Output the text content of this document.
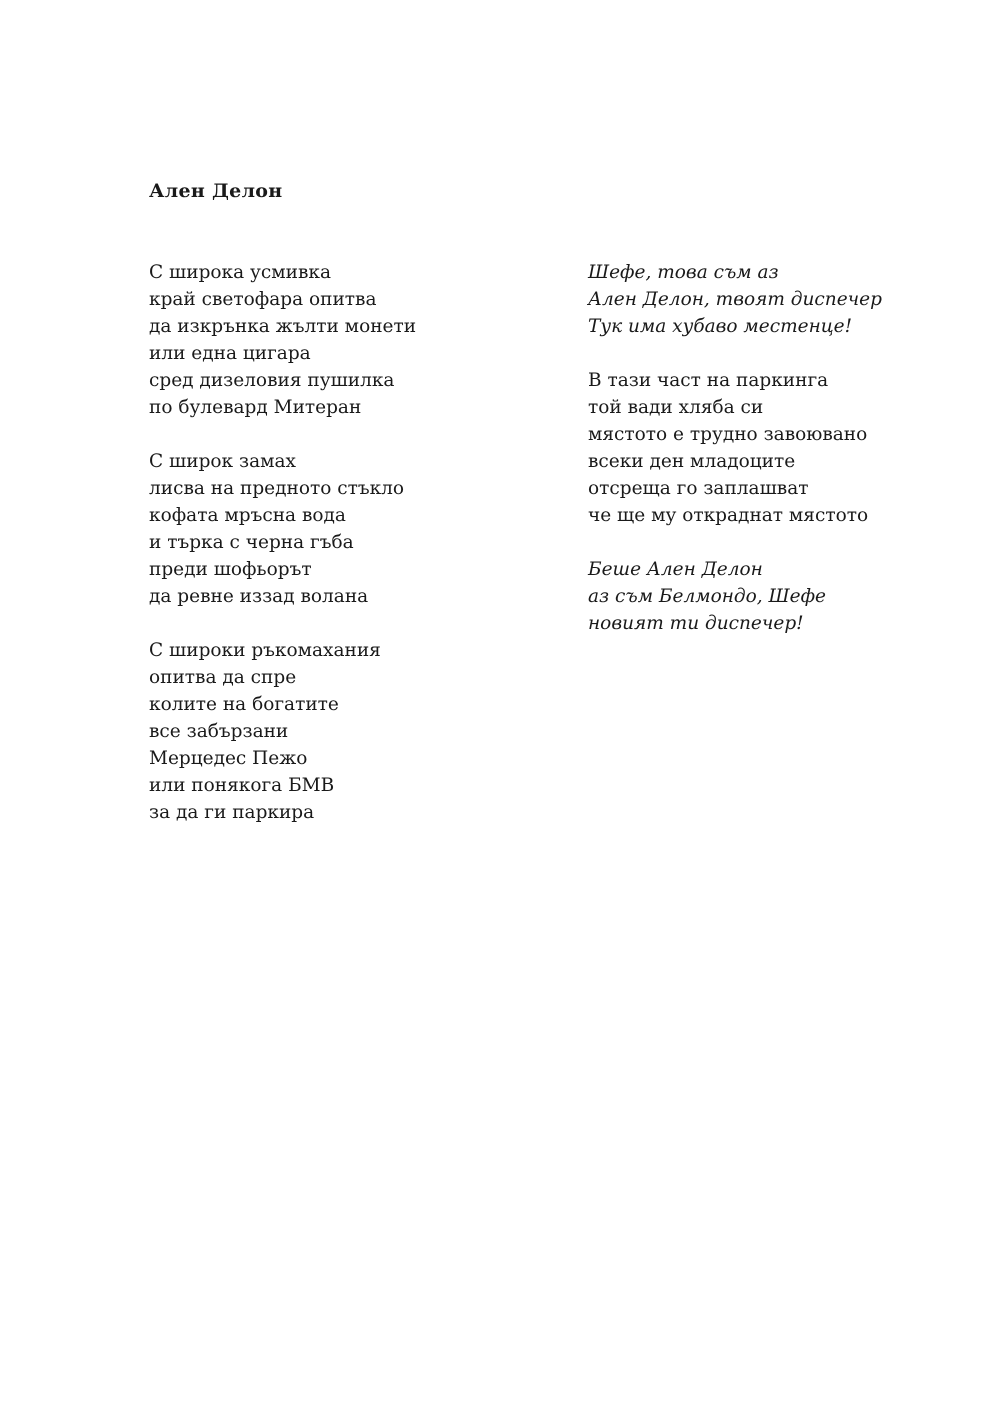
Ален Делон
С широка усмивка
край светофара опитва
да изкрънка жълти монети
или една цигара
сред дизеловия пушилка
по булевард Митеран
С широк замах
лисва на предното стъкло
кофата мръсна вода
и търка с черна гъба
преди шофьорът
да ревне иззад волана
С широки ръкомахания
опитва да спре
колите на богатите
все забързани
Мерцедес Пежо
или понякога БМВ
за да ги паркира
Шефе, това съм аз
Ален Делон, твоят диспечер
Тук има хубаво местенце!
В тази част на паркинга
той вади хляба си
мястото е трудно завоювано
всеки ден младоците
отсреща го заплашват
че ще му откраднат мястото
Беше Ален Делон
аз съм Белмондо, Шефе
новият ти диспечер!
